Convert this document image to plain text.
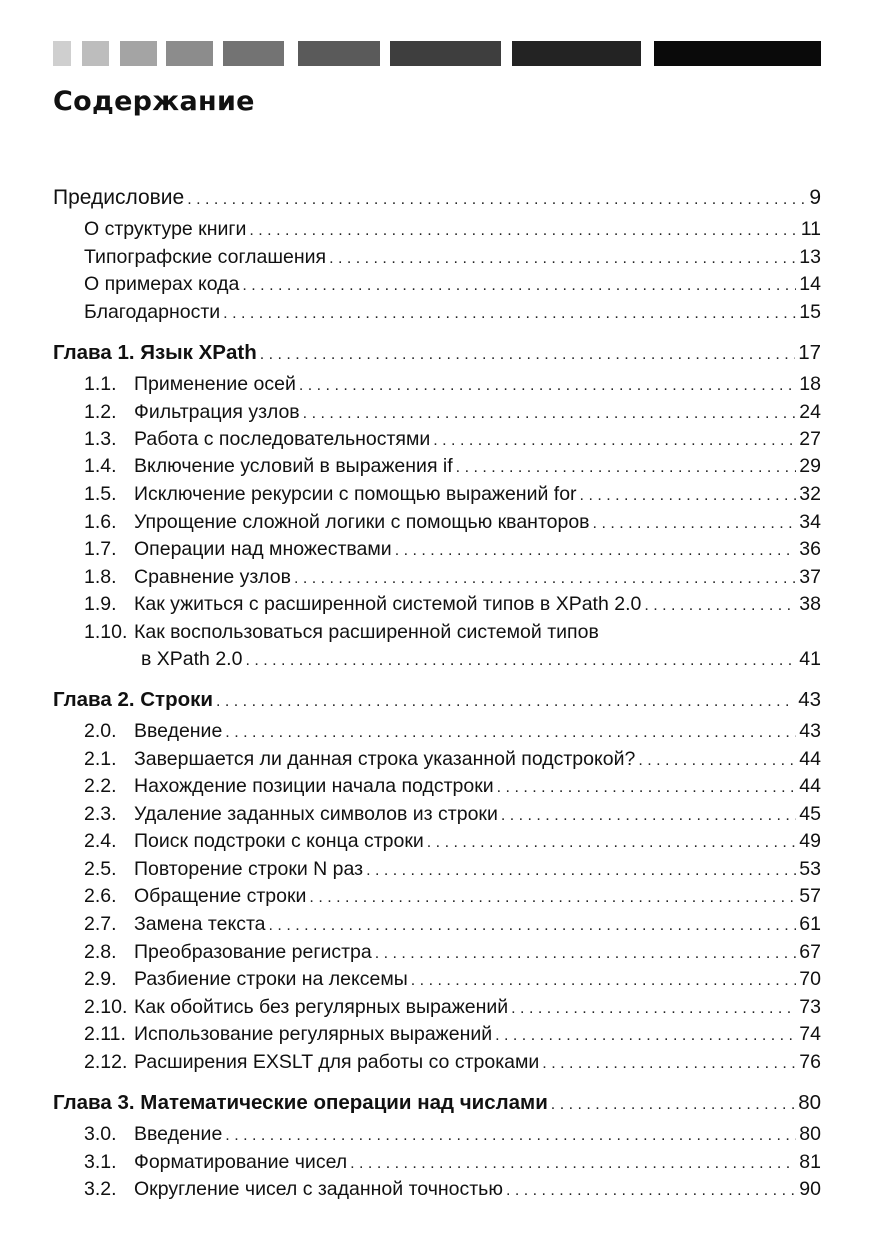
Содержание
Предисловие . . .	9
О структуре книги . . .	11
Типографские соглашения . . .	13
О примерах кода . . .	14
Благодарности . . .	15
Глава 1. Язык XPath . . .	17
1.1. Применение осей . . .	18
1.2. Фильтрация узлов . . .	24
1.3. Работа с последовательностями . . .	27
1.4. Включение условий в выражения if . . .	29
1.5. Исключение рекурсии с помощью выражений for . . .	32
1.6. Упрощение сложной логики с помощью кванторов . . .	34
1.7. Операции над множествами . . .	36
1.8. Сравнение узлов . . .	37
1.9. Как ужиться с расширенной системой типов в XPath 2.0 . . .	38
1.10. Как воспользоваться расширенной системой типов
в XPath 2.0 . . .	41
Глава 2. Строки . . .	43
2.0. Введение . . .	43
2.1. Завершается ли данная строка указанной подстрокой? . . .	44
2.2. Нахождение позиции начала подстроки . . .	44
2.3. Удаление заданных символов из строки . . .	45
2.4. Поиск подстроки с конца строки . . .	49
2.5. Повторение строки N раз . . .	53
2.6. Обращение строки . . .	57
2.7. Замена текста . . .	61
2.8. Преобразование регистра . . .	67
2.9. Разбиение строки на лексемы . . .	70
2.10. Как обойтись без регулярных выражений . . .	73
2.11. Использование регулярных выражений . . .	74
2.12. Расширения EXSLT для работы со строками . . .	76
Глава 3. Математические операции над числами . . .	80
3.0. Введение . . .	80
3.1. Форматирование чисел . . .	81
3.2. Округление чисел с заданной точностью . . .	90
